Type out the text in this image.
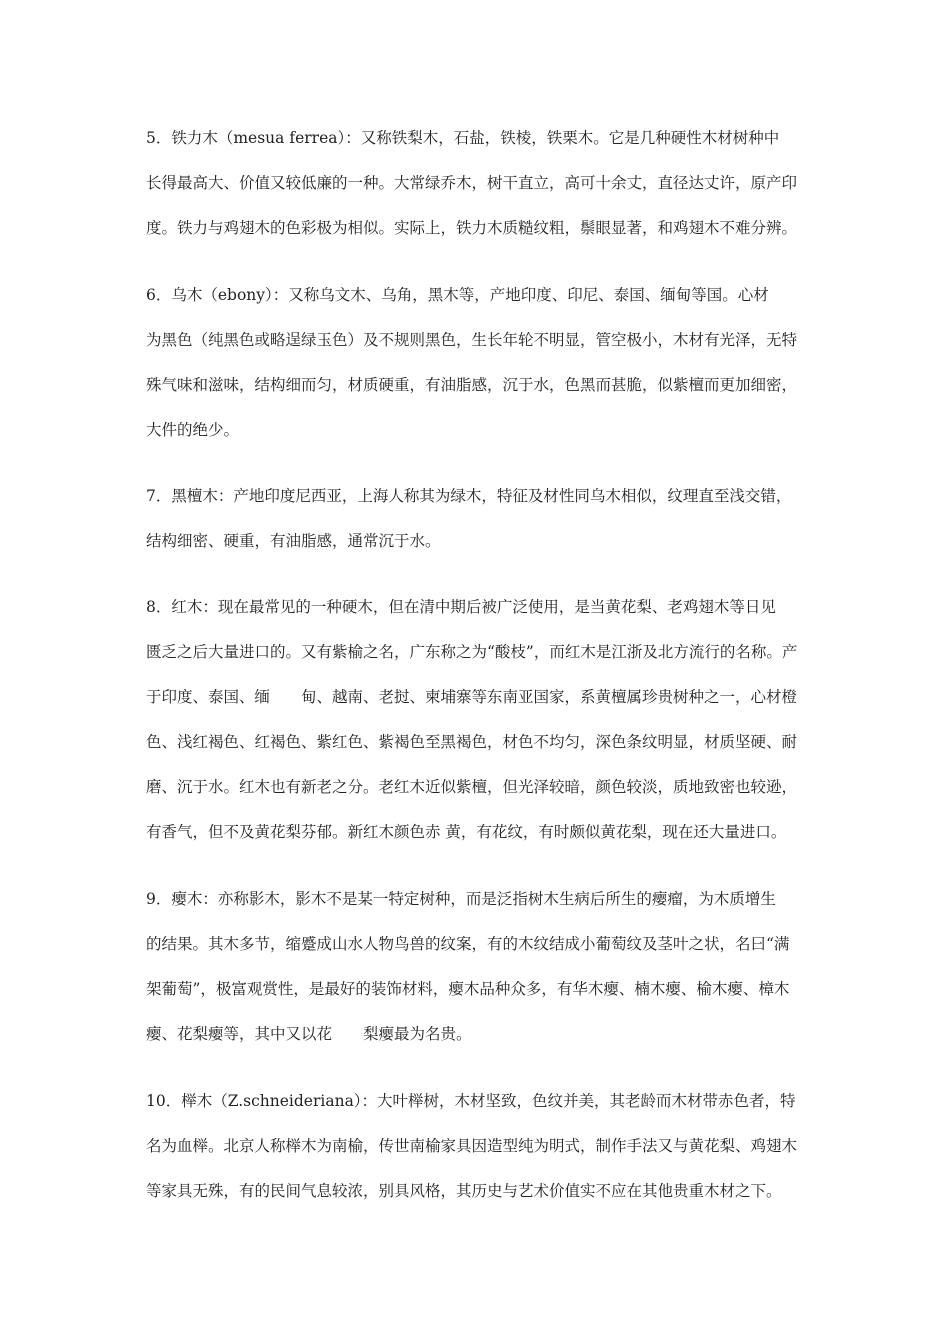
5．铁力木（mesua ferrea）：又称铁梨木，石盐，铁棱，铁栗木。它是几种硬性木材树种中
长得最高大、价值又较低廉的一种。大常绿乔木，树干直立，高可十余丈，直径达丈许，原产印
度。铁力与鸡翅木的色彩极为相似。实际上，铁力木质糙纹粗，鬃眼显著，和鸡翅木不难分辨。
6．乌木（ebony）：又称乌文木、乌角，黑木等，产地印度、印尼、泰国、缅甸等国。心材
为黑色（纯黑色或略逞绿玉色）及不规则黑色，生长年轮不明显，管空极小，木材有光泽，无特
殊气味和滋味，结构细而匀，材质硬重，有油脂感，沉于水，色黑而甚脆，似紫檀而更加细密，
大件的绝少。
7．黑檀木：产地印度尼西亚，上海人称其为绿木，特征及材性同乌木相似，纹理直至浅交错，
结构细密、硬重，有油脂感，通常沉于水。
8．红木：现在最常见的一种硬木，但在清中期后被广泛使用，是当黄花梨、老鸡翅木等日见
匮乏之后大量进口的。又有紫榆之名，广东称之为“酸枝”，而红木是江浙及北方流行的名称。产
于印度、泰国、缅　　甸、越南、老挝、柬埔寨等东南亚国家，系黄檀属珍贵树种之一，心材橙
色、浅红褐色、红褐色、紫红色、紫褐色至黑褐色，材色不均匀，深色条纹明显，材质坚硬、耐
磨、沉于水。红木也有新老之分。老红木近似紫檀，但光泽较暗，颜色较淡，质地致密也较逊，
有香气，但不及黄花梨芬郁。新红木颜色赤 黄，有花纹，有时颇似黄花梨，现在还大量进口。
9．瘿木：亦称影木，影木不是某一特定树种，而是泛指树木生病后所生的瘿瘤，为木质增生
的结果。其木多节，缩蹙成山水人物鸟兽的纹案，有的木纹结成小葡萄纹及茎叶之状，名曰“满
架葡萄”，极富观赏性，是最好的装饰材料，瘿木品种众多，有华木瘿、楠木瘿、榆木瘿、樟木
瘿、花梨瘿等，其中又以花　　梨瘿最为名贵。
10．榉木（Z.schneideriana）：大叶榉树，木材坚致，色纹并美，其老龄而木材带赤色者，特
名为血榉。北京人称榉木为南榆，传世南榆家具因造型纯为明式，制作手法又与黄花梨、鸡翅木
等家具无殊，有的民间气息较浓，别具风格，其历史与艺术价值实不应在其他贵重木材之下。
